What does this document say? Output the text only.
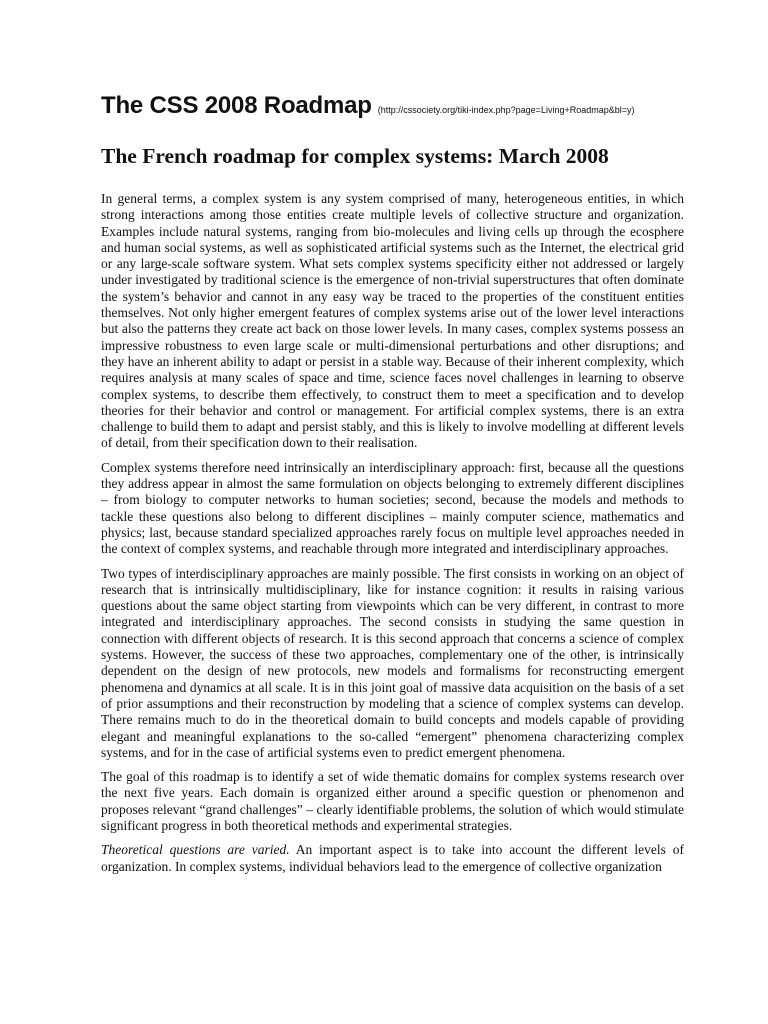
The CSS 2008 Roadmap (http://cssociety.org/tiki-index.php?page=Living+Roadmap&bl=y)
The French roadmap for complex systems: March 2008

In general terms, a complex system is any system comprised of many, heterogeneous entities, in which strong interactions among those entities create multiple levels of collective structure and organization. Examples include natural systems, ranging from bio-molecules and living cells up through the ecosphere and human social systems, as well as sophisticated artificial systems such as the Internet, the electrical grid or any large-scale software system. What sets complex systems specificity either not addressed or largely under investigated by traditional science is the emergence of non-trivial superstructures that often dominate the system’s behavior and cannot in any easy way be traced to the properties of the constituent entities themselves. Not only higher emergent features of complex systems arise out of the lower level interactions but also the patterns they create act back on those lower levels. In many cases, complex systems possess an impressive robustness to even large scale or multi-dimensional perturbations and other disruptions; and they have an inherent ability to adapt or persist in a stable way. Because of their inherent complexity, which requires analysis at many scales of space and time, science faces novel challenges in learning to observe complex systems, to describe them effectively, to construct them to meet a specification and to develop theories for their behavior and control or management. For artificial complex systems, there is an extra challenge to build them to adapt and persist stably, and this is likely to involve modelling at different levels of detail, from their specification down to their realisation.

Complex systems therefore need intrinsically an interdisciplinary approach: first, because all the questions they address appear in almost the same formulation on objects belonging to extremely different disciplines – from biology to computer networks to human societies; second, because the models and methods to tackle these questions also belong to different disciplines – mainly computer science, mathematics and physics; last, because standard specialized approaches rarely focus on multiple level approaches needed in the context of complex systems, and reachable through more integrated and interdisciplinary approaches.

Two types of interdisciplinary approaches are mainly possible. The first consists in working on an object of research that is intrinsically multidisciplinary, like for instance cognition: it results in raising various questions about the same object starting from viewpoints which can be very different, in contrast to more integrated and interdisciplinary approaches. The second consists in studying the same question in connection with different objects of research. It is this second approach that concerns a science of complex systems. However, the success of these two approaches, complementary one of the other, is intrinsically dependent on the design of new protocols, new models and formalisms for reconstructing emergent phenomena and dynamics at all scale. It is in this joint goal of massive data acquisition on the basis of a set of prior assumptions and their reconstruction by modeling that a science of complex systems can develop. There remains much to do in the theoretical domain to build concepts and models capable of providing elegant and meaningful explanations to the so-called “emergent” phenomena characterizing complex systems, and for in the case of artificial systems even to predict emergent phenomena.

The goal of this roadmap is to identify a set of wide thematic domains for complex systems research over the next five years. Each domain is organized either around a specific question or phenomenon and proposes relevant “grand challenges” – clearly identifiable problems, the solution of which would stimulate significant progress in both theoretical methods and experimental strategies.

Theoretical questions are varied. An important aspect is to take into account the different levels of organization. In complex systems, individual behaviors lead to the emergence of collective organization
